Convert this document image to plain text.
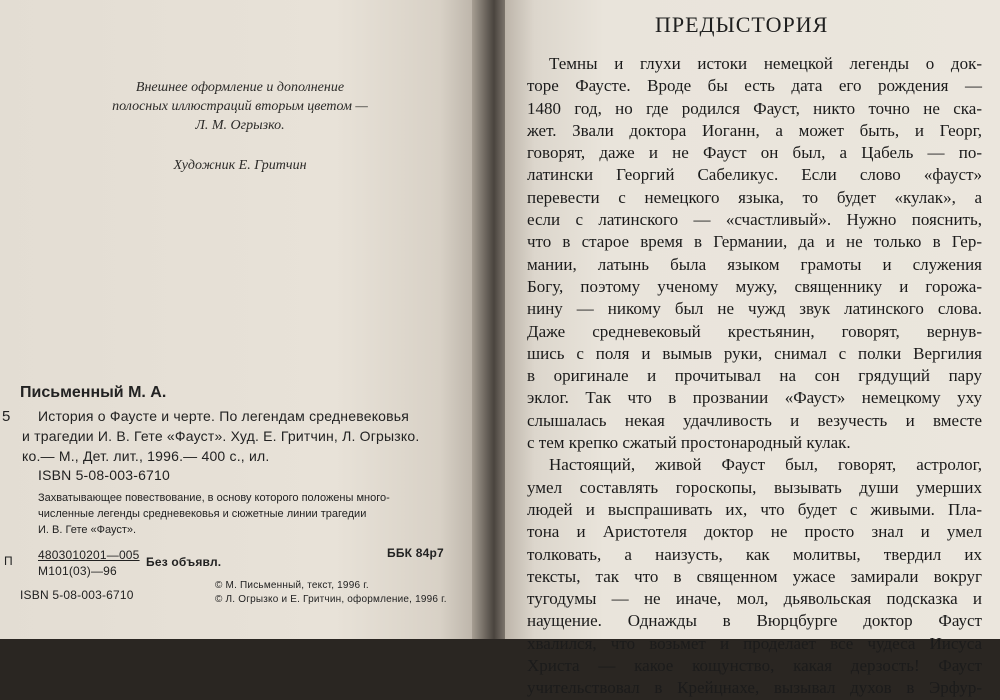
Внешнее оформление и дополнение
полосных иллюстраций вторым цветом —
Л. М. Огрызко.
Художник Е. Гритчин
Письменный М. А.
5 История о Фаусте и черте. По легендам средневековья
и трагедии И. В. Гете «Фауст». Худ. Е. Гритчин, Л. Огрызко.
ко.— М., Дет. лит., 1996.— 400 с., ил.
ISBN 5-08-003-6710
Захватывающее повествование, в основу которого положены много-
численные легенды средневековья и сюжетные линии трагедии
И. В. Гете «Фауст».
П 4803010201—005
М101(03)—96
Без объявл.
ББК 84р7
ISBN 5-08-003-6710
© М. Письменный, текст, 1996 г.
© Л. Огрызко и Е. Гритчин, оформление, 1996 г.
ПРЕДЫСТОРИЯ
Темны и глухи истоки немецкой легенды о док-
торе Фаусте. Вроде бы есть дата его рождения —
1480 год, но где родился Фауст, никто точно не ска-
жет. Звали доктора Иоганн, а может быть, и Георг,
говорят, даже и не Фауст он был, а Цабель — по-
латински Георгий Сабеликус. Если слово «фауст»
перевести с немецкого языка, то будет «кулак», а
если с латинского — «счастливый». Нужно пояснить,
что в старое время в Германии, да и не только в Гер-
мании, латынь была языком грамоты и служения
Богу, поэтому ученому мужу, священнику и горожа-
нину — никому был не чужд звук латинского слова.
Даже средневековый крестьянин, говорят, вернув-
шись с поля и вымыв руки, снимал с полки Вергилия
в оригинале и прочитывал на сон грядущий пару
эклог. Так что в прозвании «Фауст» немецкому уху
слышалась некая удачливость и везучесть и вместе
с тем крепко сжатый простонародный кулак.
Настоящий, живой Фауст был, говорят, астролог,
умел составлять гороскопы, вызывать души умерших
людей и выспрашивать их, что будет с живыми. Пла-
тона и Аристотеля доктор не просто знал и умел
толковать, а наизусть, как молитвы, твердил их
тексты, так что в священном ужасе замирали вокруг
тугодумы — не иначе, мол, дьявольская подсказка и
наущение. Однажды в Вюрцбурге доктор Фауст
хвалился, что возьмет и проделает все чудеса Иисуса
Христа — какое кощунство, какая дерзость! Фауст
учительствовал в Крейцнахе, вызывал духов в Эрфур-
